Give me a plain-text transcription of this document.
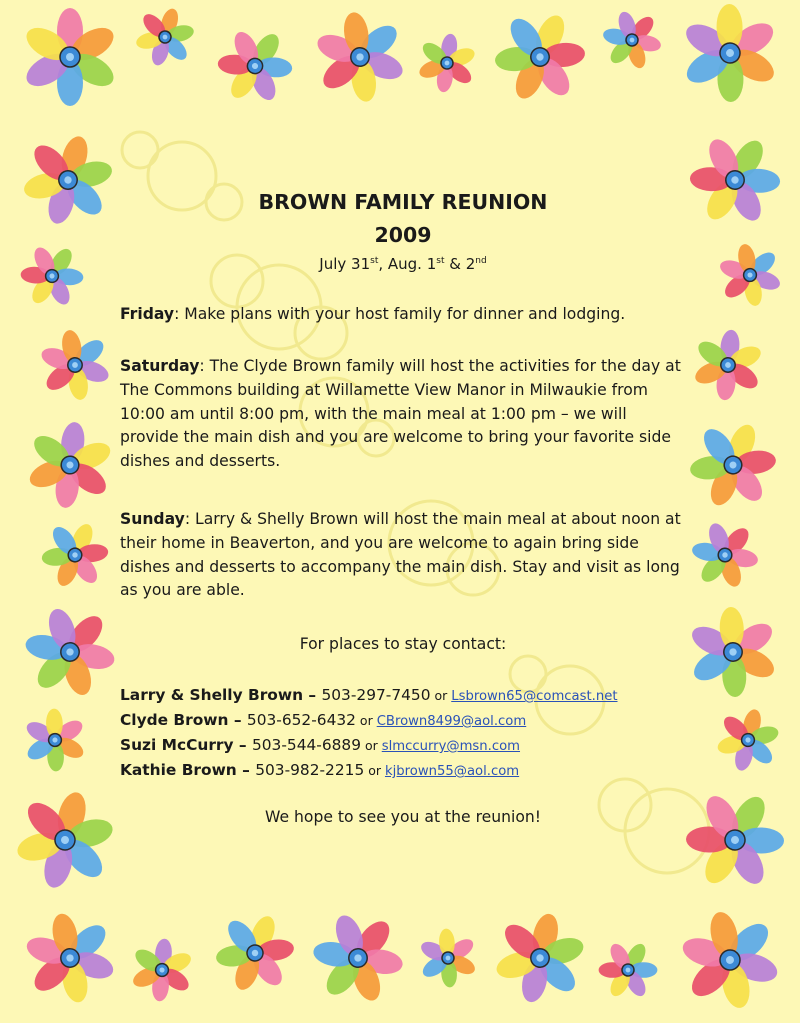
BROWN FAMILY REUNION
2009
July 31st, Aug. 1st & 2nd

Friday: Make plans with your host family for dinner and lodging.

Saturday: The Clyde Brown family will host the activities for the day at The Commons building at Willamette View Manor in Milwaukie from 10:00 am until 8:00 pm, with the main meal at 1:00 pm – we will provide the main dish and you are welcome to bring your favorite side dishes and desserts.

Sunday: Larry & Shelly Brown will host the main meal at about noon at their home in Beaverton, and you are welcome to again bring side dishes and desserts to accompany the main dish. Stay and visit as long as you are able.

For places to stay contact:
Larry & Shelly Brown – 503-297-7450 or Lsbrown65@comcast.net
Clyde Brown – 503-652-6432 or CBrown8499@aol.com
Suzi McCurry – 503-544-6889 or slmccurry@msn.com
Kathie Brown – 503-982-2215 or kjbrown55@aol.com
We hope to see you at the reunion!
